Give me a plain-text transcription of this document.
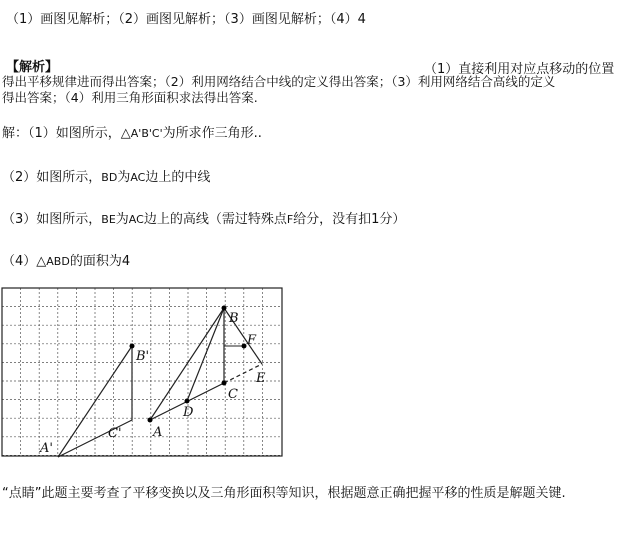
（1）画图见解析；（2）画图见解析；（3）画图见解析；（4）4
【解析】	（1）直接利用对应点移动的位置
得出平移规律进而得出答案；（2）利用网络结合中线的定义得出答案；（3）利用网络结合高线的定义
得出答案；（4）利用三角形面积求法得出答案.
解：（1）如图所示，△A'B'C'为所求作三角形..
（2）如图所示，BD为AC边上的中线
（3）如图所示，BE为AC边上的高线（需过特殊点F给分，没有扣1分）
（4）△ABD的面积为4
B
C
A
D
E
F
B'
C'
A'
“点睛”此题主要考查了平移变换以及三角形面积等知识，根据题意正确把握平移的性质是解题关键.
